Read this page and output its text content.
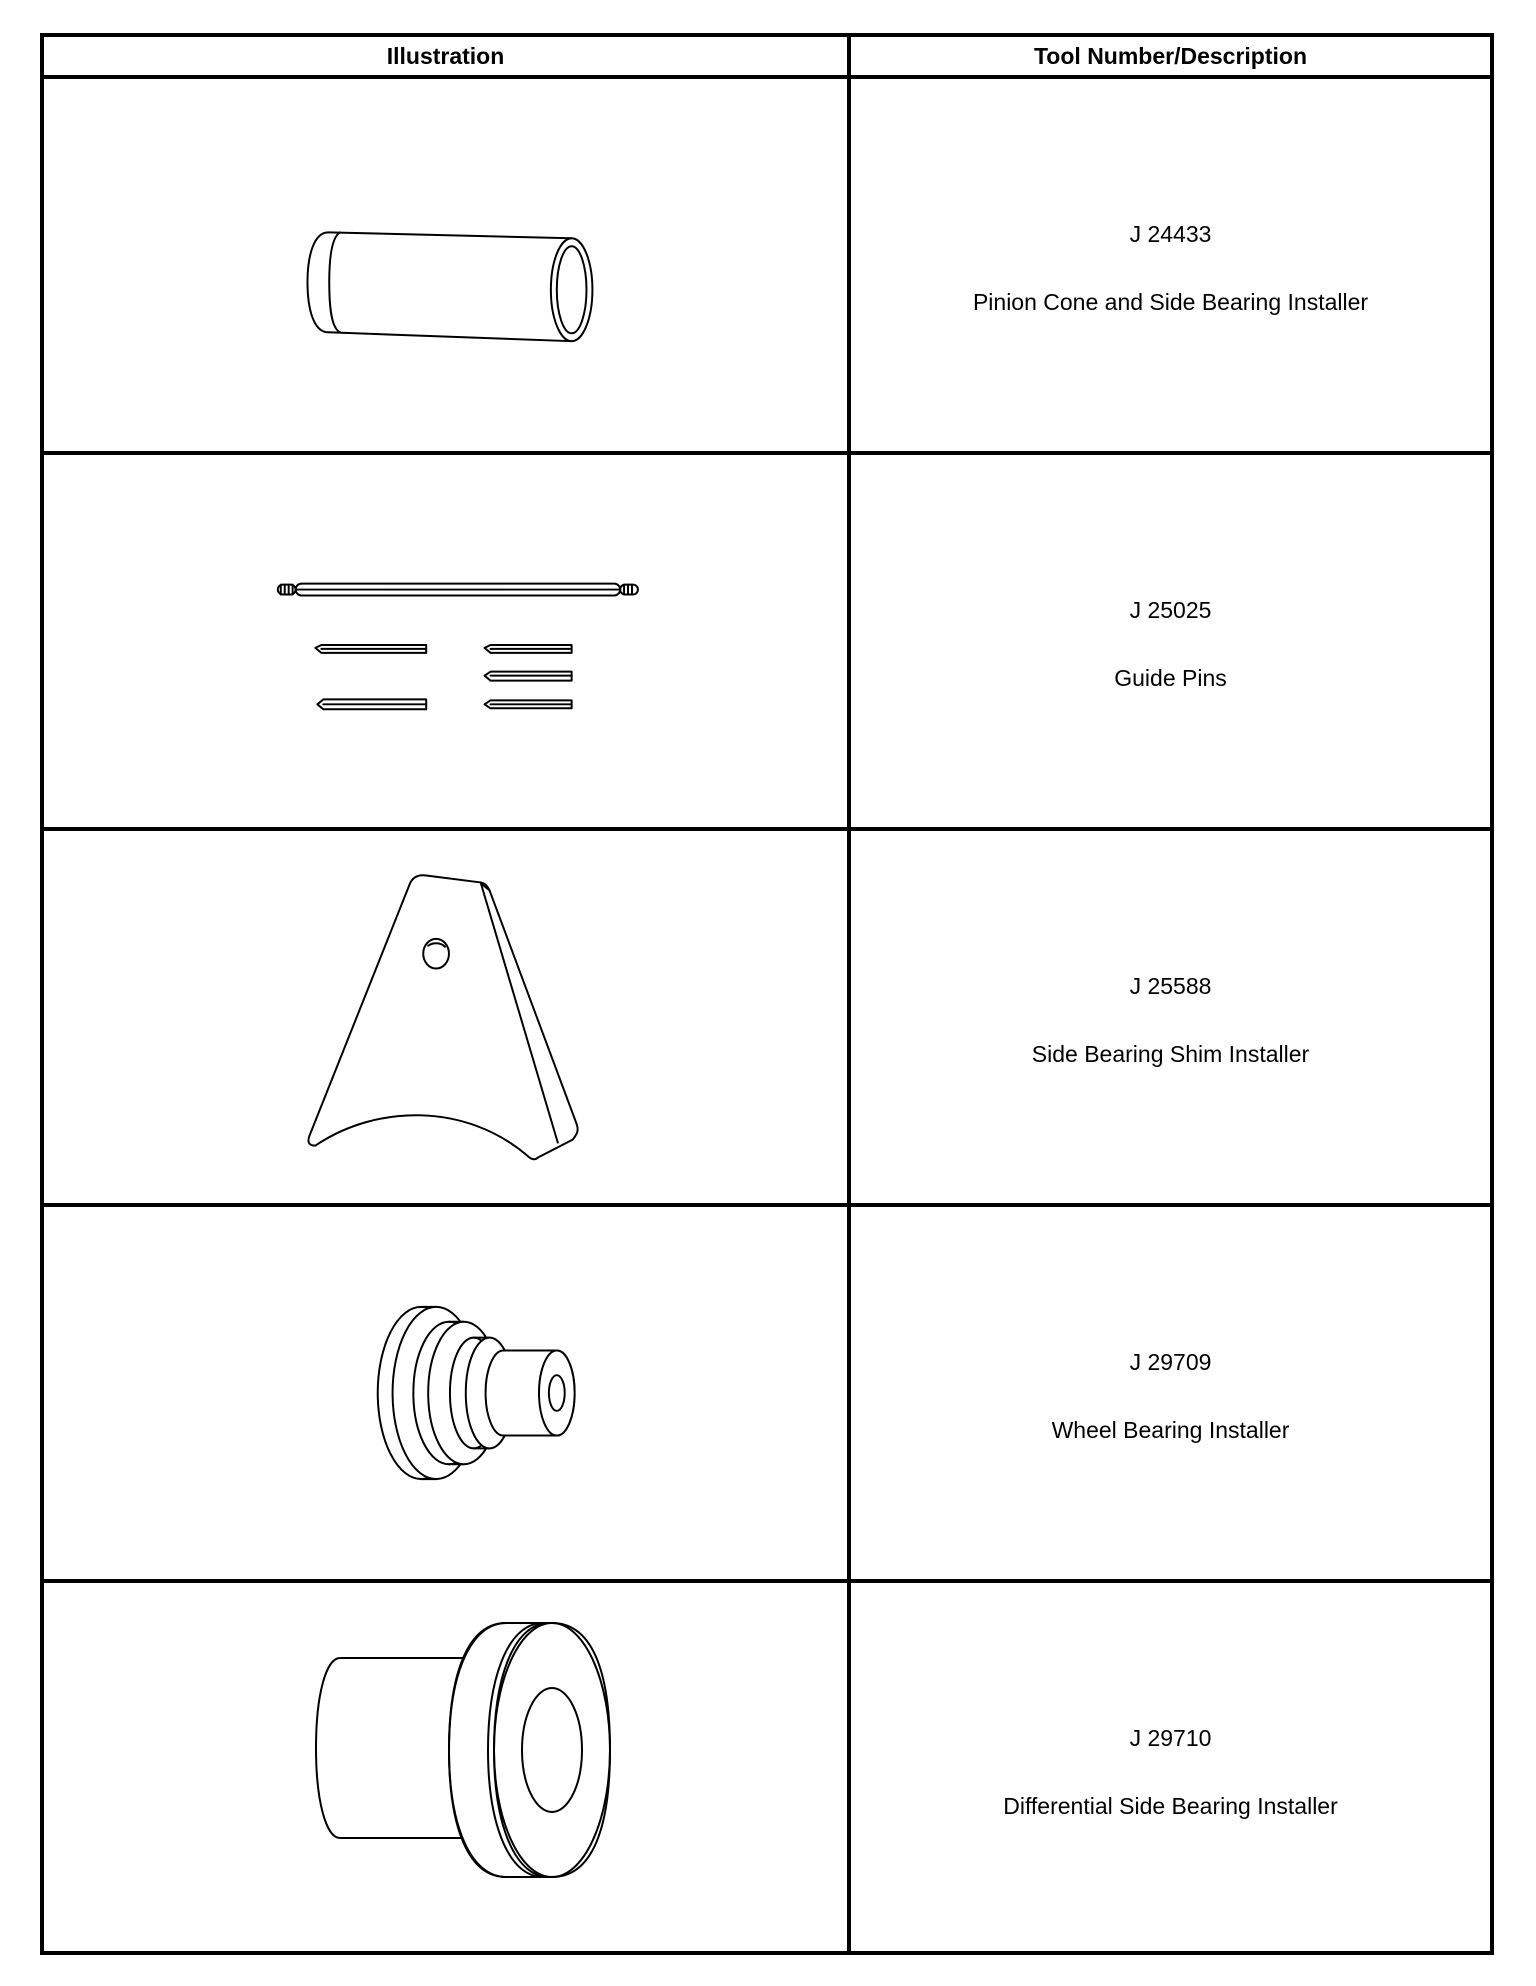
Illustration	Tool Number/Description
J 24433
Pinion Cone and Side Bearing Installer
J 25025
Guide Pins
J 25588
Side Bearing Shim Installer
J 29709
Wheel Bearing Installer
J 29710
Differential Side Bearing Installer
